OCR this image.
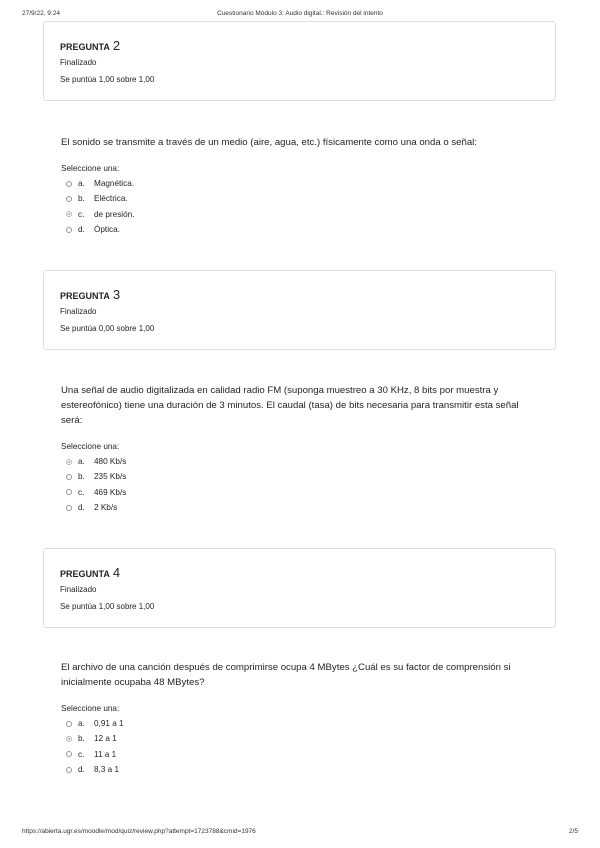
27/9/22, 9:24	Cuestionario Módulo 3: Audio digital.: Revisión del intento
PREGUNTA 2
Finalizado
Se puntúa 1,00 sobre 1,00

El sonido se transmite a través de un medio (aire, agua, etc.) físicamente como una onda o señal:

Seleccione una:
a.	Magnética.
b.	Eléctrica.
c.	de presión.
d.	Óptica.
PREGUNTA 3
Finalizado
Se puntúa 0,00 sobre 1,00

Una señal de audio digitalizada en calidad radio FM (suponga muestreo a 30 KHz, 8 bits por muestra y estereofónico) tiene una duración de 3 minutos. El caudal (tasa) de bits necesaria para transmitir esta señal será:

Seleccione una:
a.	480 Kb/s
b.	235 Kb/s
c.	469 Kb/s
d.	2 Kb/s
PREGUNTA 4
Finalizado
Se puntúa 1,00 sobre 1,00

El archivo de una canción después de comprimirse ocupa 4 MBytes ¿Cuál es su factor de comprensión si inicialmente ocupaba 48 MBytes?

Seleccione una:
a.	0,91 a 1
b.	12 a 1
c.	11 a 1
d.	8,3 a 1
https://abierta.ugr.es/moodle/mod/quiz/review.php?attempt=1723788&cmid=1976	2/5
